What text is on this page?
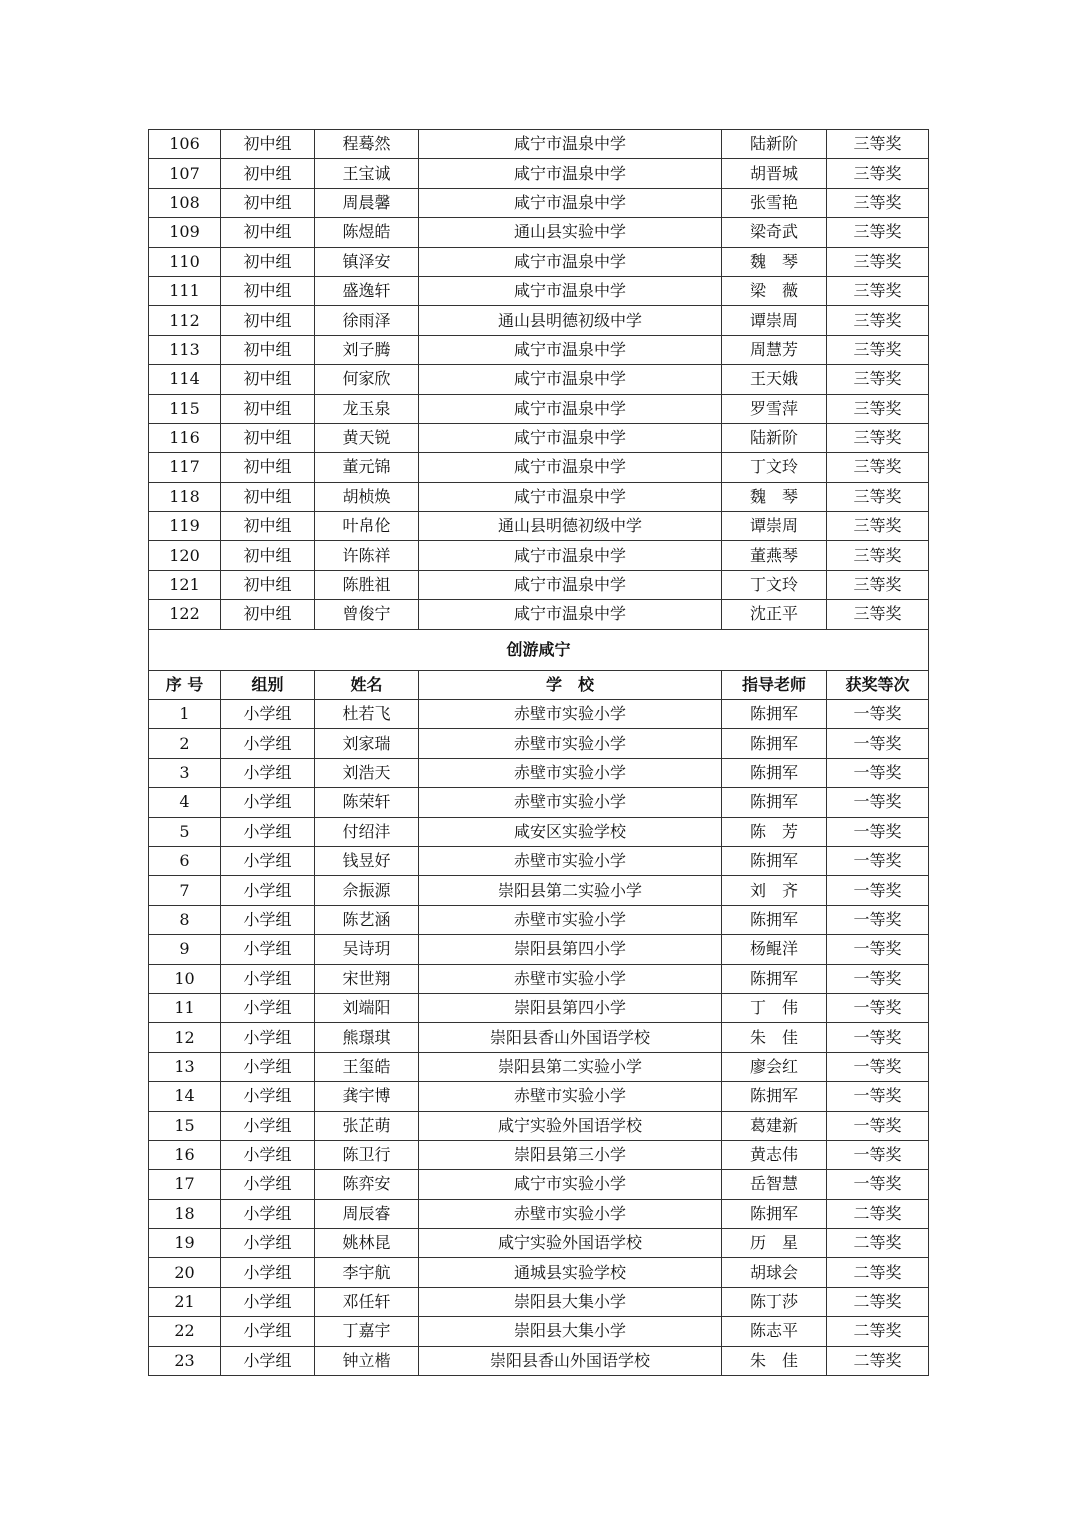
106	初中组	程蓦然	咸宁市温泉中学	陆新阶	三等奖
107	初中组	王宝诚	咸宁市温泉中学	胡晋城	三等奖
108	初中组	周晨馨	咸宁市温泉中学	张雪艳	三等奖
109	初中组	陈煜皓	通山县实验中学	梁奇武	三等奖
110	初中组	镇泽安	咸宁市温泉中学	魏　琴	三等奖
111	初中组	盛逸轩	咸宁市温泉中学	梁　薇	三等奖
112	初中组	徐雨泽	通山县明德初级中学	谭崇周	三等奖
113	初中组	刘子腾	咸宁市温泉中学	周慧芳	三等奖
114	初中组	何家欣	咸宁市温泉中学	王天娥	三等奖
115	初中组	龙玉泉	咸宁市温泉中学	罗雪萍	三等奖
116	初中组	黄天锐	咸宁市温泉中学	陆新阶	三等奖
117	初中组	董元锦	咸宁市温泉中学	丁文玲	三等奖
118	初中组	胡桢焕	咸宁市温泉中学	魏　琴	三等奖
119	初中组	叶帛伦	通山县明德初级中学	谭崇周	三等奖
120	初中组	许陈祥	咸宁市温泉中学	董燕琴	三等奖
121	初中组	陈胜祖	咸宁市温泉中学	丁文玲	三等奖
122	初中组	曾俊宁	咸宁市温泉中学	沈正平	三等奖
创游咸宁					
序 号	组别	姓名	学　校	指导老师	获奖等次
1	小学组	杜若飞	赤壁市实验小学	陈拥军	一等奖
2	小学组	刘家瑞	赤壁市实验小学	陈拥军	一等奖
3	小学组	刘浩天	赤壁市实验小学	陈拥军	一等奖
4	小学组	陈荣轩	赤壁市实验小学	陈拥军	一等奖
5	小学组	付绍沣	咸安区实验学校	陈　芳	一等奖
6	小学组	钱昱好	赤壁市实验小学	陈拥军	一等奖
7	小学组	佘振源	崇阳县第二实验小学	刘　齐	一等奖
8	小学组	陈艺涵	赤壁市实验小学	陈拥军	一等奖
9	小学组	吴诗玥	崇阳县第四小学	杨鲲洋	一等奖
10	小学组	宋世翔	赤壁市实验小学	陈拥军	一等奖
11	小学组	刘端阳	崇阳县第四小学	丁　伟	一等奖
12	小学组	熊璟琪	崇阳县香山外国语学校	朱　佳	一等奖
13	小学组	王玺皓	崇阳县第二实验小学	廖会红	一等奖
14	小学组	龚宇博	赤壁市实验小学	陈拥军	一等奖
15	小学组	张芷萌	咸宁实验外国语学校	葛建新	一等奖
16	小学组	陈卫行	崇阳县第三小学	黄志伟	一等奖
17	小学组	陈弈安	咸宁市实验小学	岳智慧	一等奖
18	小学组	周辰睿	赤壁市实验小学	陈拥军	二等奖
19	小学组	姚林昆	咸宁实验外国语学校	历　星	二等奖
20	小学组	李宇航	通城县实验学校	胡球会	二等奖
21	小学组	邓任轩	崇阳县大集小学	陈丁莎	二等奖
22	小学组	丁嘉宇	崇阳县大集小学	陈志平	二等奖
23	小学组	钟立楷	崇阳县香山外国语学校	朱　佳	二等奖
